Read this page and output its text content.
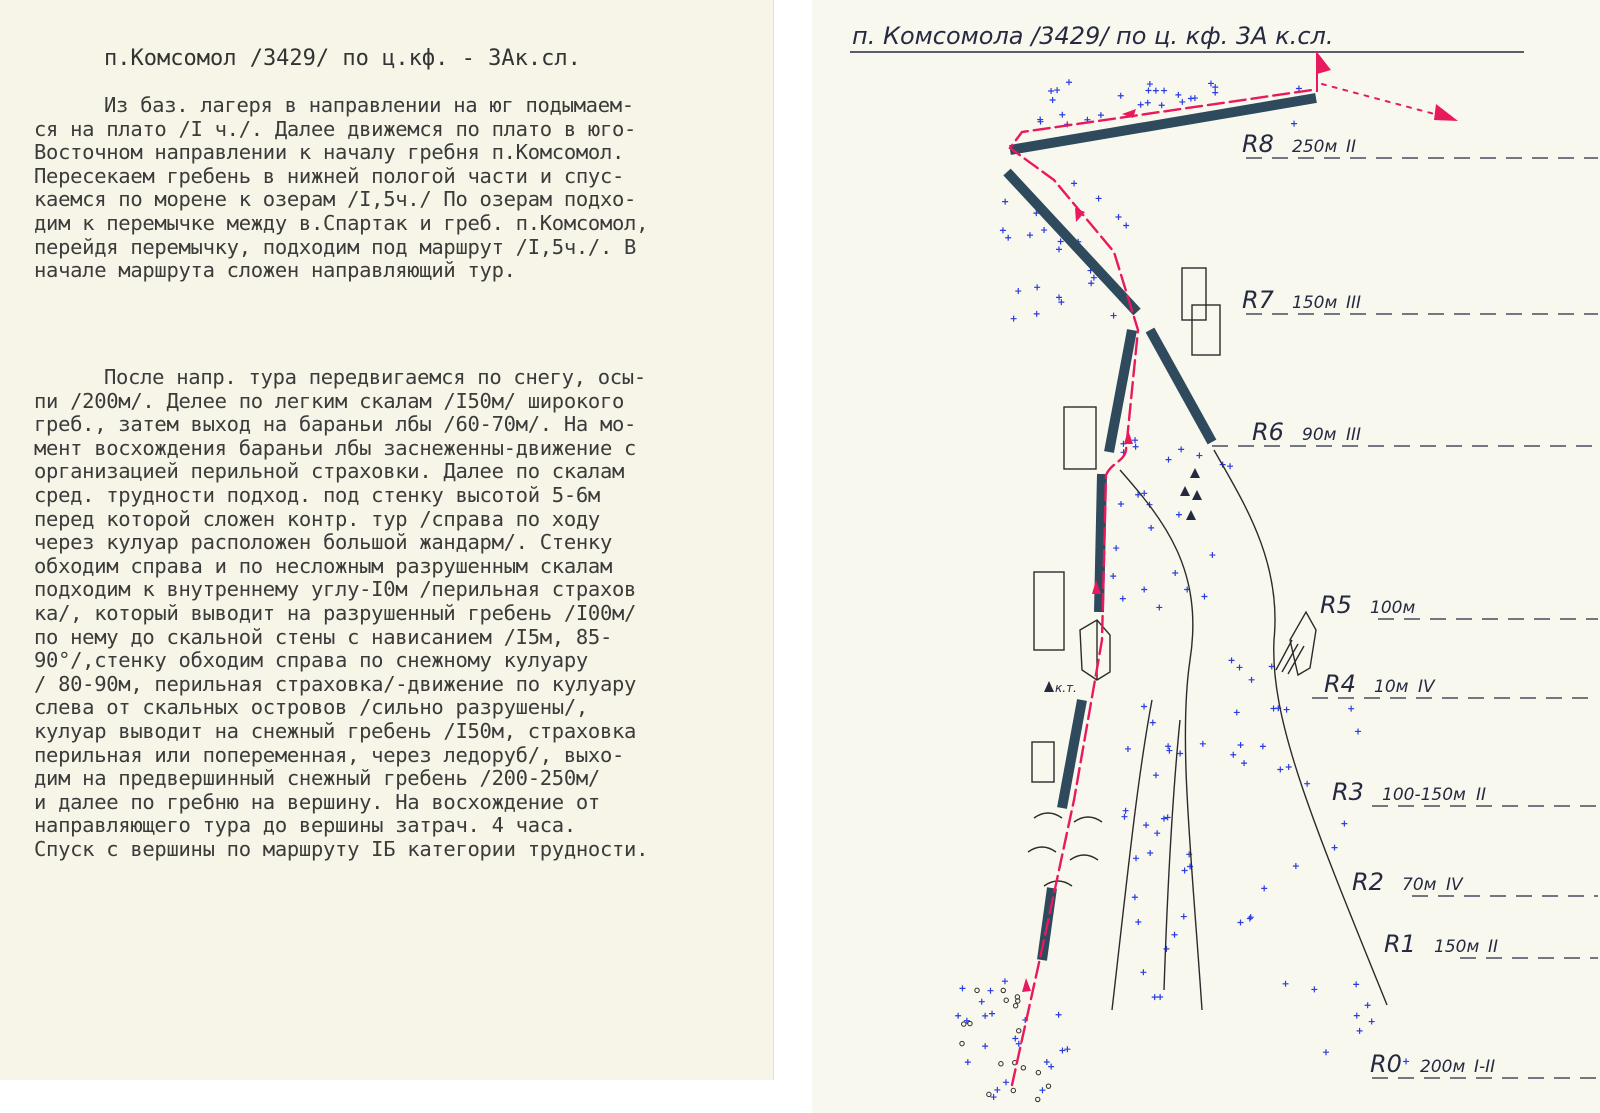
п.Комсомол /3429/ по ц.кф. - 3Ак.сл.
Из баз. лагеря в направлении на юг подымаем-
ся на плато /I ч./. Далее движемся по плато в юго-
Восточном направлении к началу гребня п.Комсомол.
Пересекаем гребень в нижней пологой части и спус-
каемся по морене к озерам /I,5ч./ По озерам подхо-
дим к перемычке между в.Спартак и греб. п.Комсомол,
перейдя перемычку, подходим под маршрут /I,5ч./. В
начале маршрута сложен направляющий тур.
После напр. тура передвигаемся по снегу, осы-
пи /200м/. Делее по легким скалам /I50м/ широкого
греб., затем выход на бараньи лбы /60-70м/. На мо-
мент восхождения бараньи лбы заснеженны-движение с
организацией перильной страховки. Далее по скалам
сред. трудности подход. под стенку высотой 5-6м
перед которой сложен контр. тур /справа по ходу
через кулуар расположен большой жандарм/. Стенку
обходим справа и по несложным разрушенным скалам
подходим к внутреннему углу-I0м /перильная страхов
ка/, который выводит на разрушенный гребень /I00м/
по нему до скальной стены с нависанием /I5м, 85-
90°/,стенку обходим справа по снежному кулуару
/ 80-90м, перильная страховка/-движение по кулуару
слева от скальных островов /сильно разрушены/,
кулуар выводит на снежный гребень /I50м, страховка
перильная или попеременная, через ледоруб/, выхо-
дим на предвершинный снежный гребень /200-250м/
и далее по гребню на вершину. На восхождение от
направляющего тура до вершины затрач. 4 часа.
Спуск с вершины по маршруту IБ категории трудности.
п. Комсомола /3429/ по ц. кф. 3А к.сл.
к.т.
R8 250м II
R7 150м III
R6 90м III
R5 100м
R4 10м IV
R3 100-150м II
R2 70м IV
R1 150м II
R0 200м I-II
